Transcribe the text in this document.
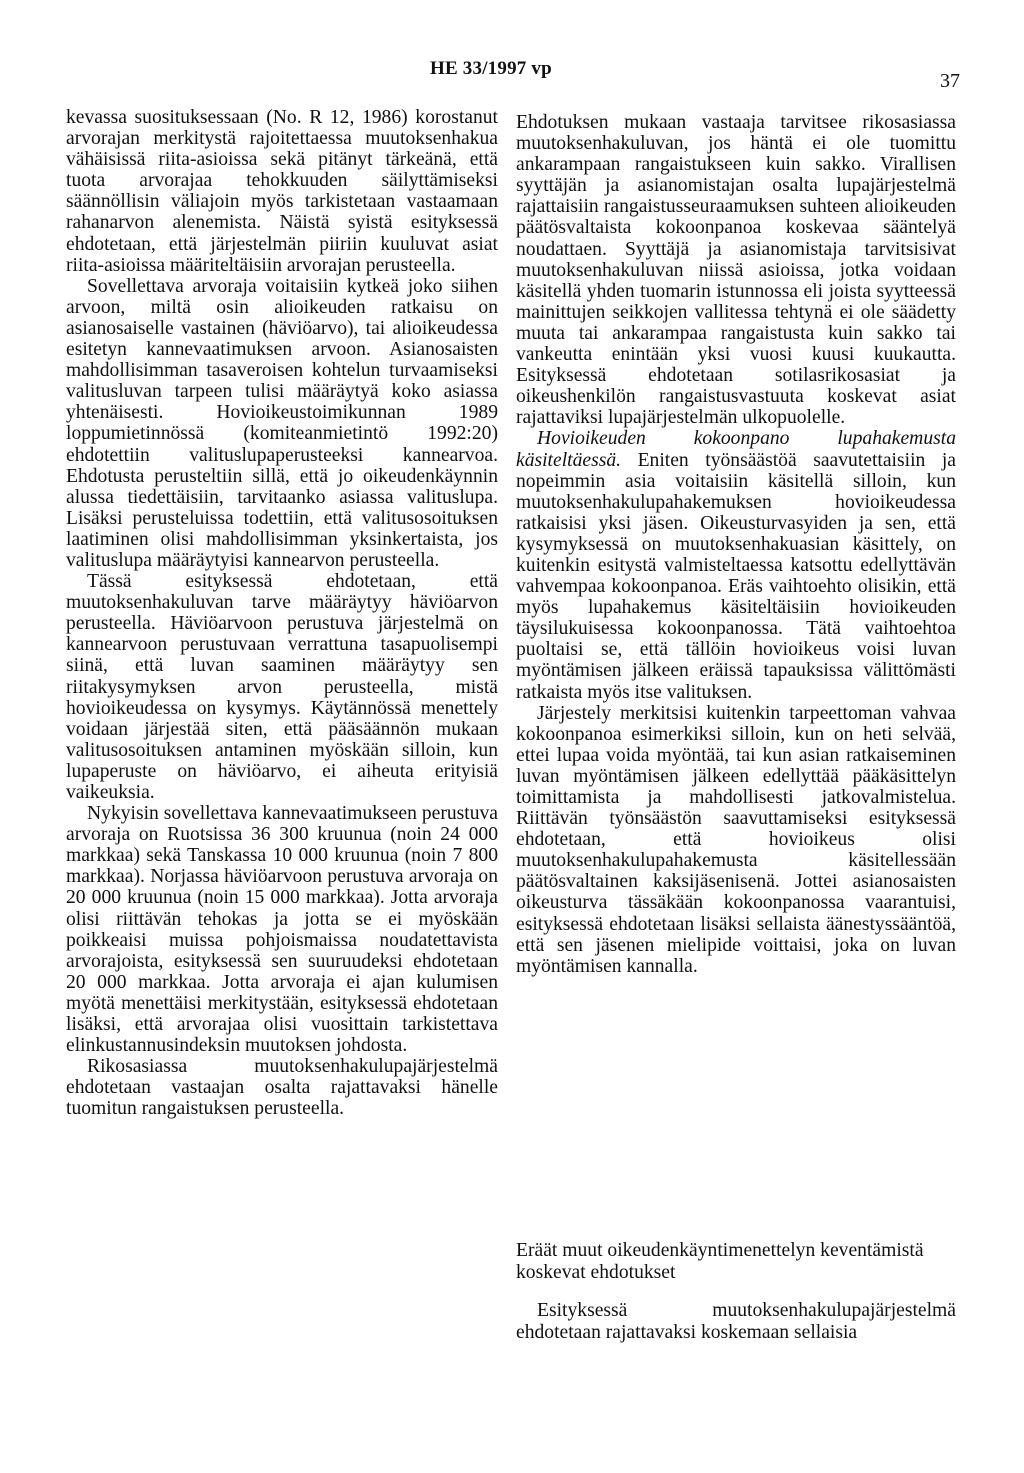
HE 33/1997 vp
37

kevassa suosituksessaan (No. R 12, 1986) korostanut arvorajan merkitystä rajoitettaessa muutoksenhakua vähäisissä riita-asioissa sekä pitänyt tärkeänä, että tuota arvorajaa tehokkuuden säilyttämiseksi säännöllisin väliajoin myös tarkistetaan vastaamaan rahanarvon alenemista. Näistä syistä esityksessä ehdotetaan, että järjestelmän piiriin kuuluvat asiat riita-asioissa määriteltäisiin arvorajan perusteella.

Sovellettava arvoraja voitaisiin kytkeä joko siihen arvoon, miltä osin alioikeuden ratkaisu on asianosaiselle vastainen (häviöarvo), tai alioikeudessa esitetyn kannevaatimuksen arvoon. Asianosaisten mahdollisimman tasaveroisen kohtelun turvaamiseksi valitusluvan tarpeen tulisi määräytyä koko asiassa yhtenäisesti. Hovioikeustoimikunnan 1989 loppumietinnössä (komiteanmietintö 1992:20) ehdotettiin valituslupaperusteeksi kannearvoa. Ehdotusta perusteltiin sillä, että jo oikeudenkäynnin alussa tiedettäisiin, tarvitaanko asiassa valituslupa. Lisäksi perusteluissa todettiin, että valitusosoituksen laatiminen olisi mahdollisimman yksinkertaista, jos valituslupa määräytyisi kannearvon perusteella.

Tässä esityksessä ehdotetaan, että muutoksenhakuluvan tarve määräytyy häviöarvon perusteella. Häviöarvoon perustuva järjestelmä on kannearvoon perustuvaan verrattuna tasapuolisempi siinä, että luvan saaminen määräytyy sen riitakysymyksen arvon perusteella, mistä hovioikeudessa on kysymys. Käytännössä menettely voidaan järjestää siten, että pääsäännön mukaan valitusosoituksen antaminen myöskään silloin, kun lupaperuste on häviöarvo, ei aiheuta erityisiä vaikeuksia.

Nykyisin sovellettava kannevaatimukseen perustuva arvoraja on Ruotsissa 36 300 kruunua (noin 24 000 markkaa) sekä Tanskassa 10 000 kruunua (noin 7 800 markkaa). Norjassa häviöarvoon perustuva arvoraja on 20 000 kruunua (noin 15 000 markkaa). Jotta arvoraja olisi riittävän tehokas ja jotta se ei myöskään poikkeaisi muissa pohjoismaissa noudatettavista arvorajoista, esityksessä sen suuruudeksi ehdotetaan 20 000 markkaa. Jotta arvoraja ei ajan kulumisen myötä menettäisi merkitystään, esityksessä ehdotetaan lisäksi, että arvorajaa olisi vuosittain tarkistettava elinkustannusindeksin muutoksen johdosta.

Rikosasiassa muutoksenhakulupajärjestelmä ehdotetaan vastaajan osalta rajattavaksi hänelle tuomitun rangaistuksen perusteella.

Ehdotuksen mukaan vastaaja tarvitsee rikosasiassa muutoksenhakuluvan, jos häntä ei ole tuomittu ankarampaan rangaistukseen kuin sakko. Virallisen syyttäjän ja asianomistajan osalta lupajärjestelmä rajattaisiin rangaistusseuraamuksen suhteen alioikeuden päätösvaltaista kokoonpanoa koskevaa sääntelyä noudattaen. Syyttäjä ja asianomistaja tarvitsisivat muutoksenhakuluvan niissä asioissa, jotka voidaan käsitellä yhden tuomarin istunnossa eli joista syytteessä mainittujen seikkojen vallitessa tehtynä ei ole säädetty muuta tai ankarampaa rangaistusta kuin sakko tai vankeutta enintään yksi vuosi kuusi kuukautta. Esityksessä ehdotetaan sotilasrikosasiat ja oikeushenkilön rangaistusvastuuta koskevat asiat rajattaviksi lupajärjestelmän ulkopuolelle.

Hovioikeuden kokoonpano lupahakemusta käsiteltäessä. Eniten työnsäästöä saavutettaisiin ja nopeimmin asia voitaisiin käsitellä silloin, kun muutoksenhakulupahakemuksen hovioikeudessa ratkaisisi yksi jäsen. Oikeusturvasyiden ja sen, että kysymyksessä on muutoksenhakuasian käsittely, on kuitenkin esitystä valmisteltaessa katsottu edellyttävän vahvempaa kokoonpanoa. Eräs vaihtoehto olisikin, että myös lupahakemus käsiteltäisiin hovioikeuden täysilukuisessa kokoonpanossa. Tätä vaihtoehtoa puoltaisi se, että tällöin hovioikeus voisi luvan myöntämisen jälkeen eräissä tapauksissa välittömästi ratkaista myös itse valituksen.

Järjestely merkitsisi kuitenkin tarpeettoman vahvaa kokoonpanoa esimerkiksi silloin, kun on heti selvää, ettei lupaa voida myöntää, tai kun asian ratkaiseminen luvan myöntämisen jälkeen edellyttää pääkäsittelyn toimittamista ja mahdollisesti jatkovalmistelua. Riittävän työnsäästön saavuttamiseksi esityksessä ehdotetaan, että hovioikeus olisi muutoksenhakulupahakemusta käsitellessään päätösvaltainen kaksijäsenisenä. Jottei asianosaisten oikeusturva tässäkään kokoonpanossa vaarantuisi, esityksessä ehdotetaan lisäksi sellaista äänestyssääntöä, että sen jäsenen mielipide voittaisi, joka on luvan myöntämisen kannalla.

Eräät muut oikeudenkäyntimenettelyn keventämistä koskevat ehdotukset

Esityksessä muutoksenhakulupajärjestelmä ehdotetaan rajattavaksi koskemaan sellaisia
